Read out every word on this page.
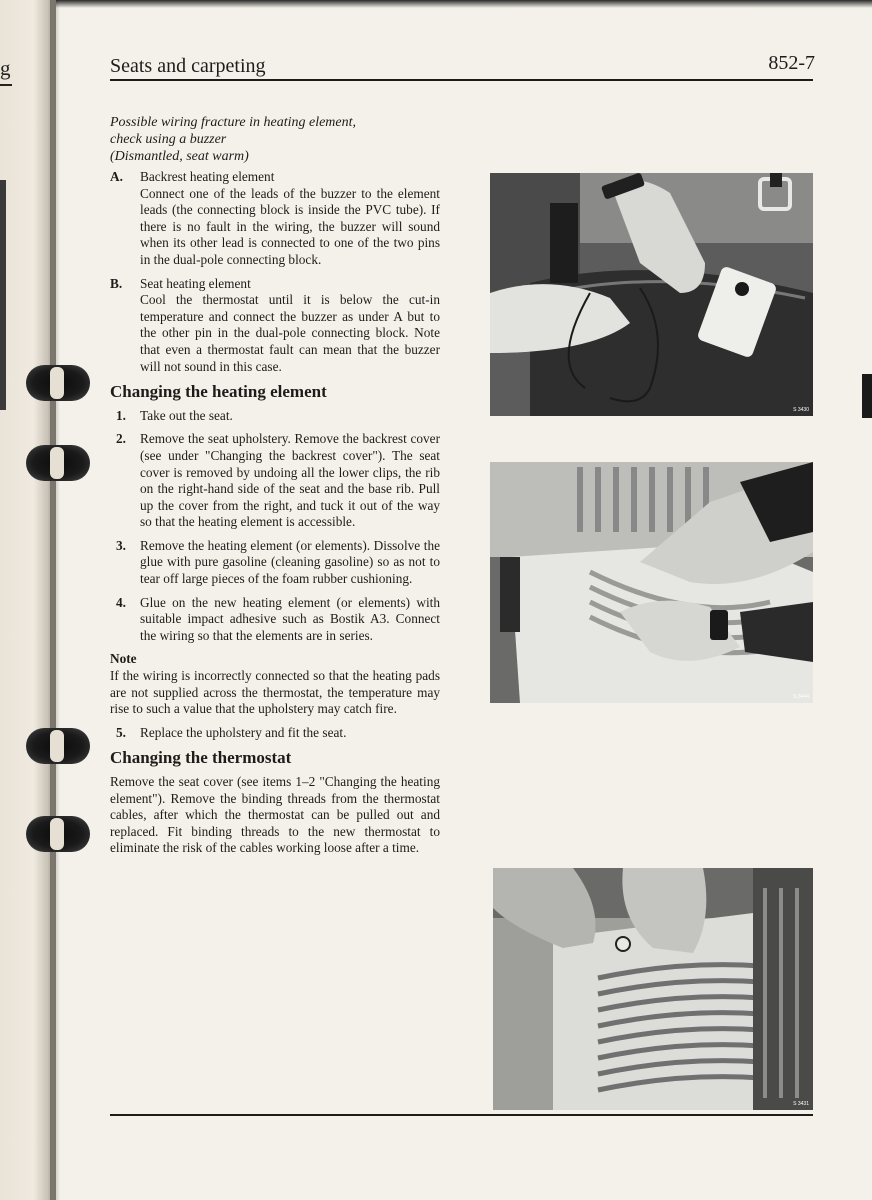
g	Seats and carpeting	852-7
Possible wiring fracture in heating element,
check using a buzzer
(Dismantled, seat warm)
A.	Backrest heating element
Connect one of the leads of the buzzer to the element leads (the connecting block is inside the PVC tube). If there is no fault in the wiring, the buzzer will sound when its other lead is connected to one of the two pins in the dual-pole connecting block.
B.	Seat heating element
Cool the thermostat until it is below the cut-in temperature and connect the buzzer as under A but to the other pin in the dual-pole connecting block. Note that even a thermostat fault can mean that the buzzer will not sound in this case.
Changing the heating element
1.	Take out the seat.
2.	Remove the seat upholstery. Remove the backrest cover (see under "Changing the backrest cover"). The seat cover is removed by undoing all the lower clips, the rib on the right-hand side of the seat and the base rib. Pull up the cover from the right, and tuck it out of the way so that the heating element is accessible.
3.	Remove the heating element (or elements). Dissolve the glue with pure gasoline (cleaning gasoline) so as not to tear off large pieces of the foam rubber cushioning.
4.	Glue on the new heating element (or elements) with suitable impact adhesive such as Bostik A3. Connect the wiring so that the elements are in series.
Note
If the wiring is incorrectly connected so that the heating pads are not supplied across the thermostat, the temperature may rise to such a value that the upholstery may catch fire.
5.	Replace the upholstery and fit the seat.
Changing the thermostat
Remove the seat cover (see items 1–2 "Changing the heating element"). Remove the binding threads from the thermostat cables, after which the thermostat can be pulled out and replaced. Fit binding threads to the new thermostat to eliminate the risk of the cables working loose after a time.
S 3430
S 3444
S 3431
